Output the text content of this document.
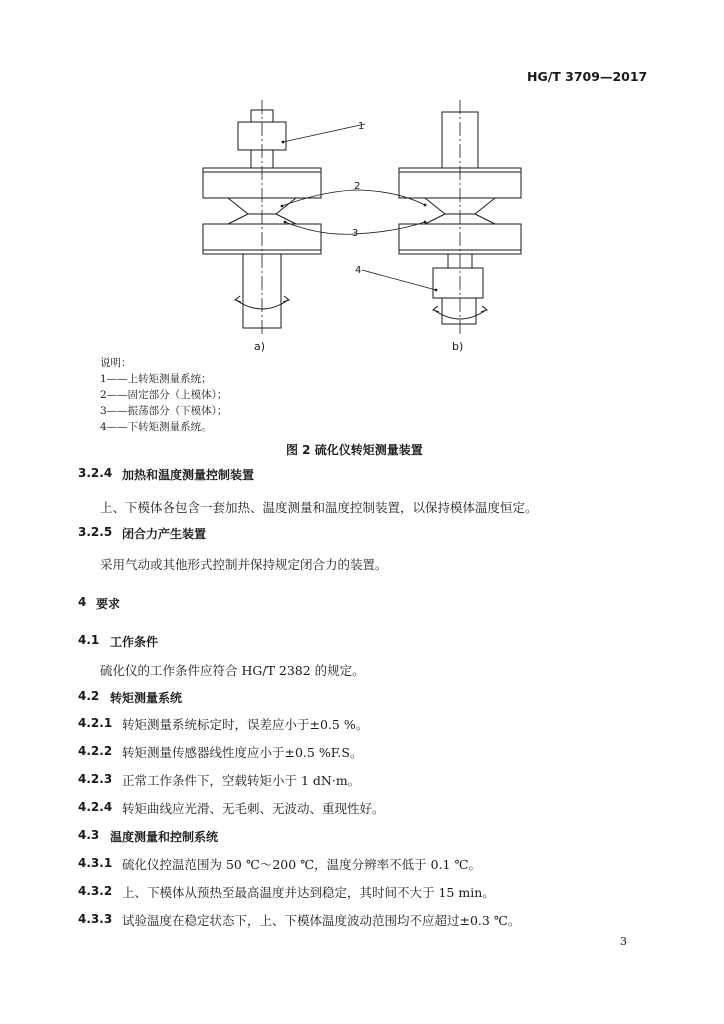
HG/T 3709—2017
1
2
3
4
a)	b)
说明：
1——上转矩测量系统；
2——固定部分（上模体）；
3——振荡部分（下模体）；
4——下转矩测量系统。
图 2 硫化仪转矩测量装置
3.2.4 加热和温度测量控制装置
上、下模体各包含一套加热、温度测量和温度控制装置，以保持模体温度恒定。
3.2.5 闭合力产生装置
采用气动或其他形式控制并保持规定闭合力的装置。
4 要求
4.1 工作条件
硫化仪的工作条件应符合 HG/T 2382 的规定。
4.2 转矩测量系统
4.2.1 转矩测量系统标定时，误差应小于±0.5 %。
4.2.2 转矩测量传感器线性度应小于±0.5 %F.S。
4.2.3 正常工作条件下，空载转矩小于 1 dN·m。
4.2.4 转矩曲线应光滑、无毛刺、无波动、重现性好。
4.3 温度测量和控制系统
4.3.1 硫化仪控温范围为 50 ℃～200 ℃，温度分辨率不低于 0.1 ℃。
4.3.2 上、下模体从预热至最高温度并达到稳定，其时间不大于 15 min。
4.3.3 试验温度在稳定状态下，上、下模体温度波动范围均不应超过±0.3 ℃。
3
